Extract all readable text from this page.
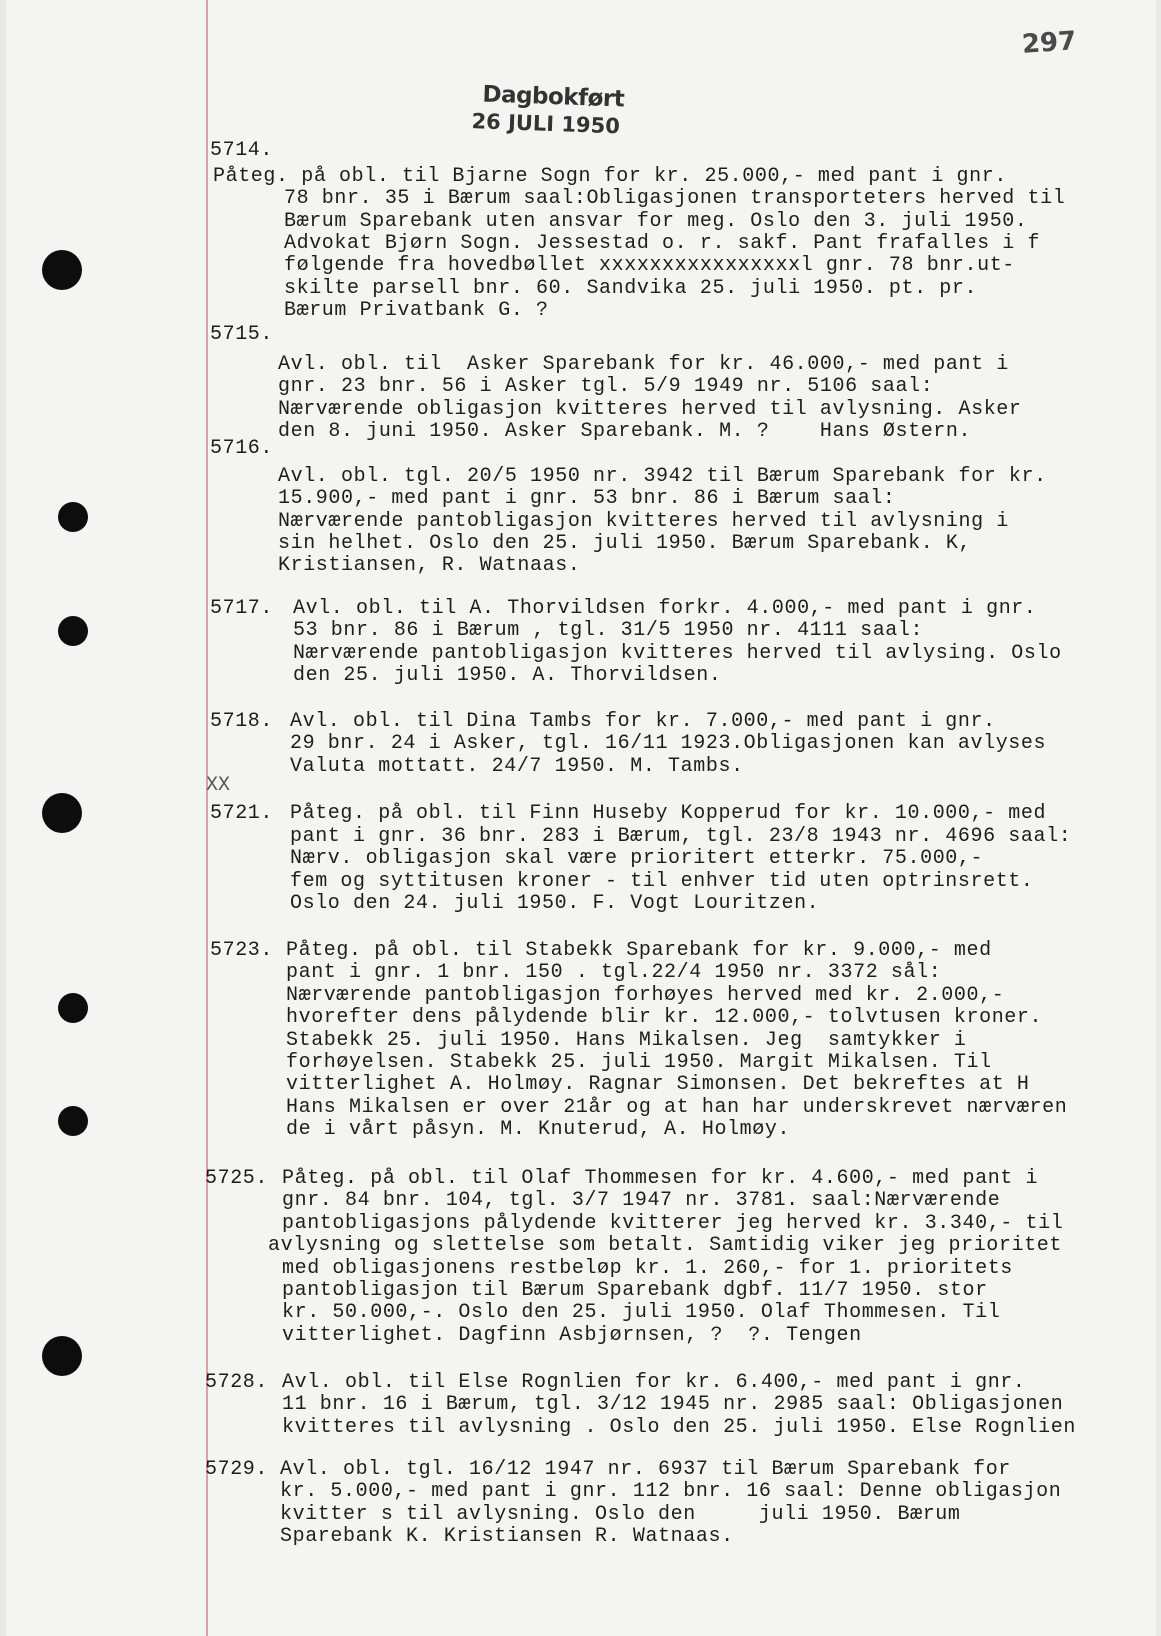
297
Dagbokført
26 JULI 1950
XX
5714.
Påteg. på obl. til Bjarne Sogn for kr. 25.000,- med pant i gnr.
78 bnr. 35 i Bærum saal:Obligasjonen transporteters herved til
Bærum Sparebank uten ansvar for meg. Oslo den 3. juli 1950.
Advokat Bjørn Sogn. Jessestad o. r. sakf. Pant frafalles i f
følgende fra hovedbøllet xxxxxxxxxxxxxxxxl gnr. 78 bnr.ut-
skilte parsell bnr. 60. Sandvika 25. juli 1950. pt. pr.
Bærum Privatbank G. ?
5715.
Avl. obl. til  Asker Sparebank for kr. 46.000,- med pant i
gnr. 23 bnr. 56 i Asker tgl. 5/9 1949 nr. 5106 saal:
Nærværende obligasjon kvitteres herved til avlysning. Asker
den 8. juni 1950. Asker Sparebank. M. ?    Hans Østern.
5716.
Avl. obl. tgl. 20/5 1950 nr. 3942 til Bærum Sparebank for kr.
15.900,- med pant i gnr. 53 bnr. 86 i Bærum saal:
Nærværende pantobligasjon kvitteres herved til avlysning i
sin helhet. Oslo den 25. juli 1950. Bærum Sparebank. K,
Kristiansen, R. Watnaas.
5717. Avl. obl. til A. Thorvildsen forkr. 4.000,- med pant i gnr.
53 bnr. 86 i Bærum , tgl. 31/5 1950 nr. 4111 saal:
Nærværende pantobligasjon kvitteres herved til avlysing. Oslo
den 25. juli 1950. A. Thorvildsen.
5718. Avl. obl. til Dina Tambs for kr. 7.000,- med pant i gnr.
29 bnr. 24 i Asker, tgl. 16/11 1923.Obligasjonen kan avlyses
Valuta mottatt. 24/7 1950. M. Tambs.
5721. Påteg. på obl. til Finn Huseby Kopperud for kr. 10.000,- med
pant i gnr. 36 bnr. 283 i Bærum, tgl. 23/8 1943 nr. 4696 saal:
Nærv. obligasjon skal være prioritert etterkr. 75.000,-
fem og syttitusen kroner - til enhver tid uten optrinsrett.
Oslo den 24. juli 1950. F. Vogt Louritzen.
5723. Påteg. på obl. til Stabekk Sparebank for kr. 9.000,- med
pant i gnr. 1 bnr. 150 . tgl.22/4 1950 nr. 3372 sål:
Nærværende pantobligasjon forhøyes herved med kr. 2.000,-
hvorefter dens pålydende blir kr. 12.000,- tolvtusen kroner.
Stabekk 25. juli 1950. Hans Mikalsen. Jeg  samtykker i
forhøyelsen. Stabekk 25. juli 1950. Margit Mikalsen. Til
vitterlighet A. Holmøy. Ragnar Simonsen. Det bekreftes at H
Hans Mikalsen er over 21år og at han har underskrevet nærværen
de i vårt påsyn. M. Knuterud, A. Holmøy.
5725. Påteg. på obl. til Olaf Thommesen for kr. 4.600,- med pant i
gnr. 84 bnr. 104, tgl. 3/7 1947 nr. 3781. saal:Nærværende
pantobligasjons pålydende kvitterer jeg herved kr. 3.340,- til
avlysning og slettelse som betalt. Samtidig viker jeg prioritet
med obligasjonens restbeløp kr. 1. 260,- for 1. prioritets
pantobligasjon til Bærum Sparebank dgbf. 11/7 1950. stor
kr. 50.000,-. Oslo den 25. juli 1950. Olaf Thommesen. Til
vitterlighet. Dagfinn Asbjørnsen, ?  ?. Tengen
5728. Avl. obl. til Else Rognlien for kr. 6.400,- med pant i gnr.
11 bnr. 16 i Bærum, tgl. 3/12 1945 nr. 2985 saal: Obligasjonen
kvitteres til avlysning . Oslo den 25. juli 1950. Else Rognlien
5729. Avl. obl. tgl. 16/12 1947 nr. 6937 til Bærum Sparebank for
kr. 5.000,- med pant i gnr. 112 bnr. 16 saal: Denne obligasjon
kvitter s til avlysning. Oslo den     juli 1950. Bærum
Sparebank K. Kristiansen R. Watnaas.
